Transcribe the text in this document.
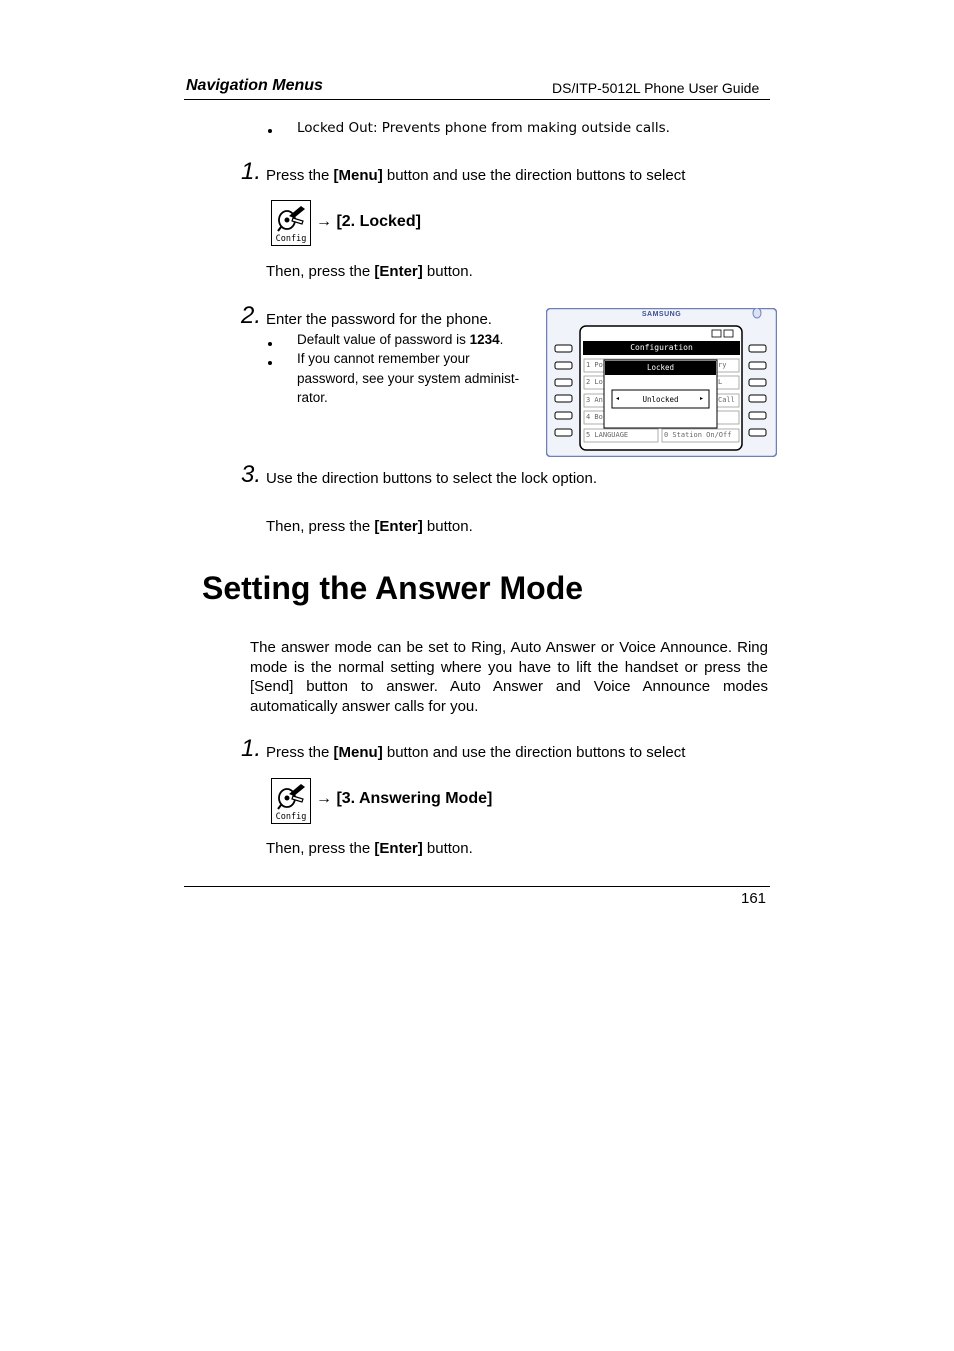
Navigation Menus	DS/ITP-5012L Phone User Guide
Locked Out: Prevents phone from making outside calls.
1. Press the [Menu] button and use the direction buttons to select
Config
→ [2. Locked]
Then, press the [Enter] button.
2. Enter the password for the phone.
Default value of password is 1234.
If you cannot remember your
password, see your system administ-
rator.
SAMSUNG
Configuration
Locked
◂	Unlocked	▸
1 Po
2 Lo
3 An
4 Bo
ry
L
Call
5 LANGUAGE	0 Station On/Off
3. Use the direction buttons to select the lock option.
Then, press the [Enter] button.
Setting the Answer Mode
The answer mode can be set to Ring, Auto Answer or Voice Announce. Ring mode is the normal setting where you have to lift the handset or press the [Send] button to answer. Auto Answer and Voice Announce modes automatically answer calls for you.
1. Press the [Menu] button and use the direction buttons to select
Config
→ [3. Answering Mode]
Then, press the [Enter] button.
161
